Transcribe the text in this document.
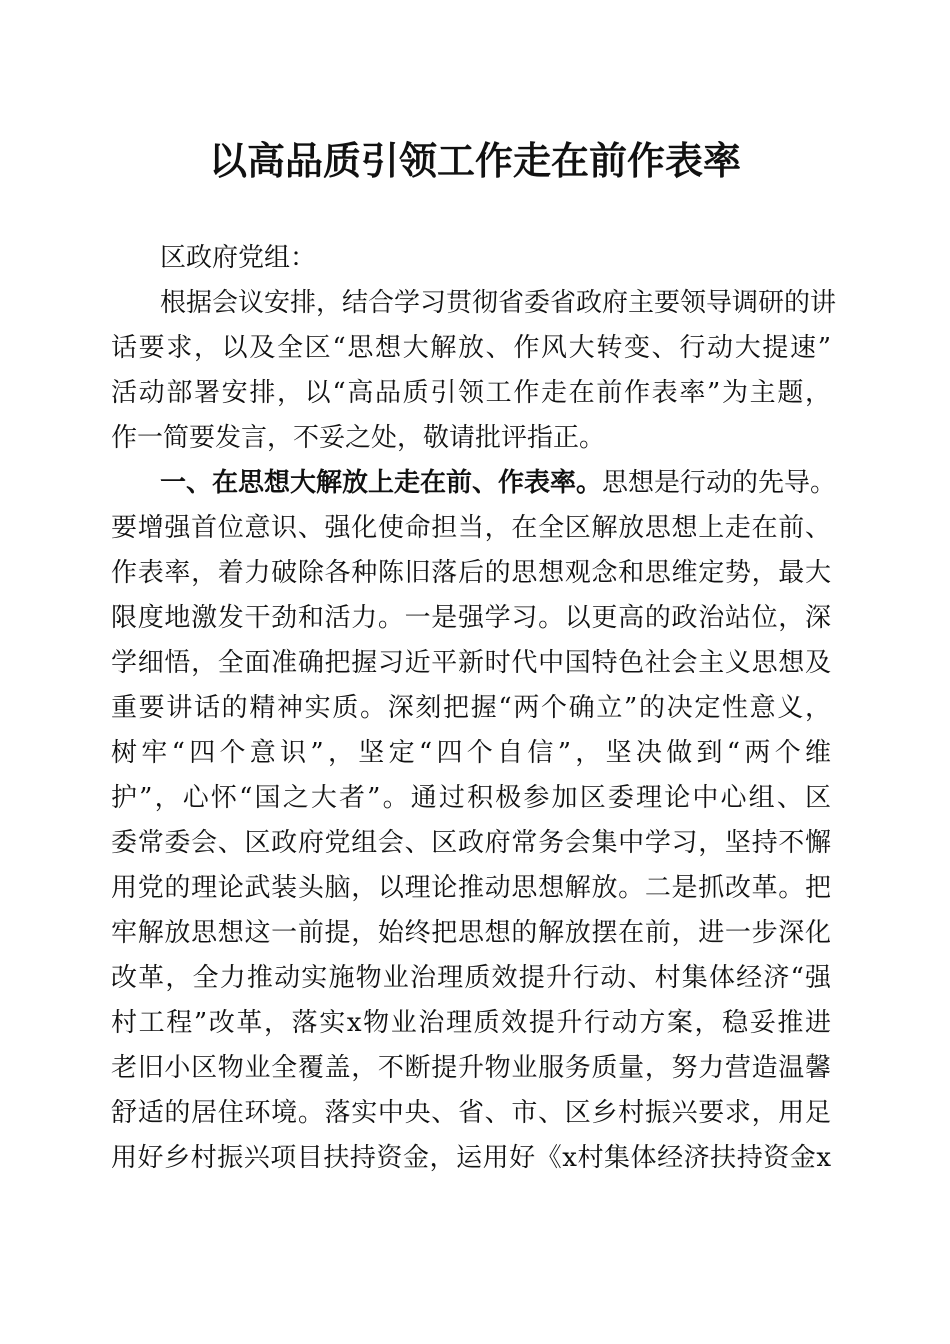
以高品质引领工作走在前作表率
区政府党组：
根据会议安排，结合学习贯彻省委省政府主要领导调研的讲
话要求，以及全区“思想大解放、作风大转变、行动大提速”
活动部署安排，以“高品质引领工作走在前作表率”为主题，
作一简要发言，不妥之处，敬请批评指正。
一、在思想大解放上走在前、作表率。思想是行动的先导。
要增强首位意识、强化使命担当，在全区解放思想上走在前、
作表率，着力破除各种陈旧落后的思想观念和思维定势，最大
限度地激发干劲和活力。一是强学习。以更高的政治站位，深
学细悟，全面准确把握习近平新时代中国特色社会主义思想及
重要讲话的精神实质。深刻把握“两个确立”的决定性意义，
树牢“四个意识”，坚定“四个自信”，坚决做到“两个维
护”，心怀“国之大者”。通过积极参加区委理论中心组、区
委常委会、区政府党组会、区政府常务会集中学习，坚持不懈
用党的理论武装头脑，以理论推动思想解放。二是抓改革。把
牢解放思想这一前提，始终把思想的解放摆在前，进一步深化
改革，全力推动实施物业治理质效提升行动、村集体经济“强
村工程”改革，落实x物业治理质效提升行动方案，稳妥推进
老旧小区物业全覆盖，不断提升物业服务质量，努力营造温馨
舒适的居住环境。落实中央、省、市、区乡村振兴要求，用足
用好乡村振兴项目扶持资金，运用好《x村集体经济扶持资金x
